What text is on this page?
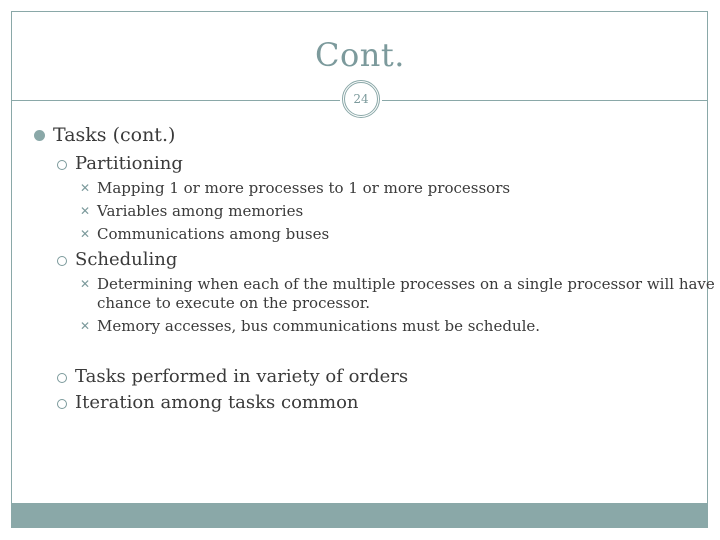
Cont.
24
Tasks (cont.)
Partitioning
✕ Mapping 1 or more processes to 1 or more processors
✕ Variables among memories
✕ Communications among buses
Scheduling
✕ Determining when each of the multiple processes on a single processor will have
chance to execute on the processor.
✕ Memory accesses, bus communications must be schedule.
Tasks performed in variety of orders
Iteration among tasks common
